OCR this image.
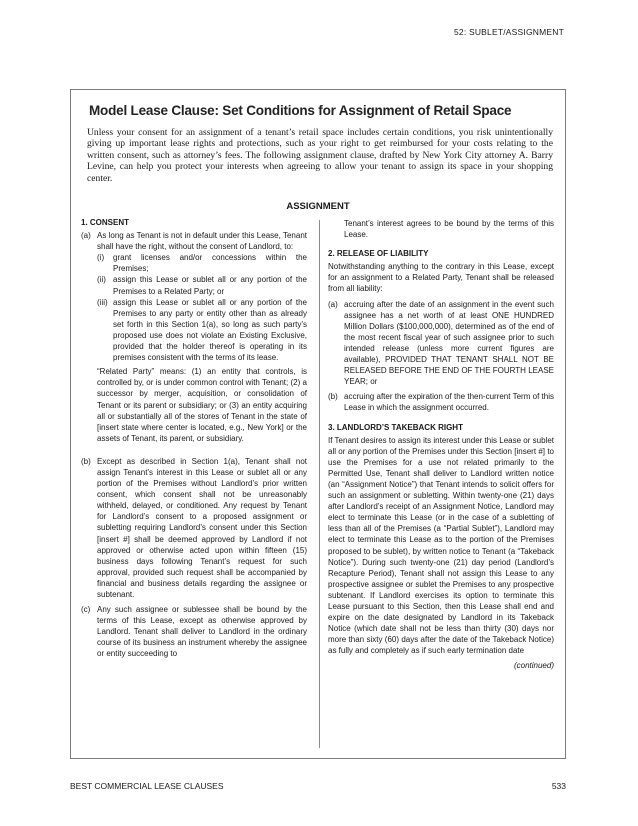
52: SUBLET/ASSIGNMENT
Model Lease Clause: Set Conditions for Assignment of Retail Space

Unless your consent for an assignment of a tenant’s retail space includes certain conditions, you risk unintentionally giving up important lease rights and protections, such as your right to get reimbursed for your costs relating to the written consent, such as attorney’s fees. The following assignment clause, drafted by New York City attorney A. Barry Levine, can help you protect your interests when agreeing to allow your tenant to assign its space in your shopping center.

ASSIGNMENT
1. CONSENT
(a) As long as Tenant is not in default under this Lease, Tenant shall have the right, without the consent of Landlord, to:
(i)	grant licenses and/or concessions within the Premises;
(ii) assign this Lease or sublet all or any portion of the Premises to a Related Party; or
(iii) assign this Lease or sublet all or any portion of the Premises to any party or entity other than as already set forth in this Section 1(a), so long as such party’s proposed use does not violate an Existing Exclusive, provided that the holder thereof is operating in its premises consistent with the terms of its lease.

“Related Party” means: (1) an entity that controls, is controlled by, or is under common control with Tenant; (2) a successor by merger, acquisition, or consolidation of Tenant or its parent or subsidiary; or (3) an entity acquiring all or substantially all of the stores of Tenant in the state of [insert state where center is located, e.g., New York] or the assets of Tenant, its parent, or subsidiary.

(b) Except as described in Section 1(a), Tenant shall not assign Tenant’s interest in this Lease or sublet all or any portion of the Premises without Landlord’s prior written consent, which consent shall not be unreasonably withheld, delayed, or conditioned. Any request by Tenant for Landlord’s consent to a proposed assignment or subletting requiring Landlord’s consent under this Section [insert #] shall be deemed approved by Landlord if not approved or otherwise acted upon within fifteen (15) business days following Tenant’s request for such approval, provided such request shall be accompanied by financial and business details regarding the assignee or subtenant.
(c) Any such assignee or sublessee shall be bound by the terms of this Lease, except as otherwise approved by Landlord. Tenant shall deliver to Landlord in the ordinary course of its business an instrument whereby the assignee or entity succeeding to

Tenant’s interest agrees to be bound by the terms of this Lease.

2. RELEASE OF LIABILITY

Notwithstanding anything to the contrary in this Lease, except for an assignment to a Related Party, Tenant shall be released from all liability:

(a) accruing after the date of an assignment in the event such assignee has a net worth of at least ONE HUNDRED Million Dollars ($100,000,000), determined as of the end of the most recent fiscal year of such assignee prior to such intended release (unless more current figures are available), PROVIDED THAT TENANT SHALL NOT BE RELEASED BEFORE THE END OF THE FOURTH LEASE YEAR; or
(b) accruing after the expiration of the then-current Term of this Lease in which the assignment occurred.
3. LANDLORD’S TAKEBACK RIGHT

If Tenant desires to assign its interest under this Lease or sublet all or any portion of the Premises under this Section [insert #] to use the Premises for a use not related primarily to the Permitted Use, Tenant shall deliver to Landlord written notice (an “Assignment Notice”) that Tenant intends to solicit offers for such an assignment or subletting. Within twenty-one (21) days after Landlord’s receipt of an Assignment Notice, Landlord may elect to terminate this Lease (or in the case of a subletting of less than all of the Premises (a “Partial Sublet”), Landlord may elect to terminate this Lease as to the portion of the Premises proposed to be sublet), by written notice to Tenant (a “Takeback Notice”). During such twenty-one (21) day period (Landlord’s Recapture Period), Tenant shall not assign this Lease to any prospective assignee or sublet the Premises to any prospective subtenant. If Landlord exercises its option to terminate this Lease pursuant to this Section, then this Lease shall end and expire on the date designated by Landlord in its Takeback Notice (which date shall not be less than thirty (30) days nor more than sixty (60) days after the date of the Takeback Notice) as fully and completely as if such early termination date

(continued)
BEST COMMERCIAL LEASE CLAUSES	533
